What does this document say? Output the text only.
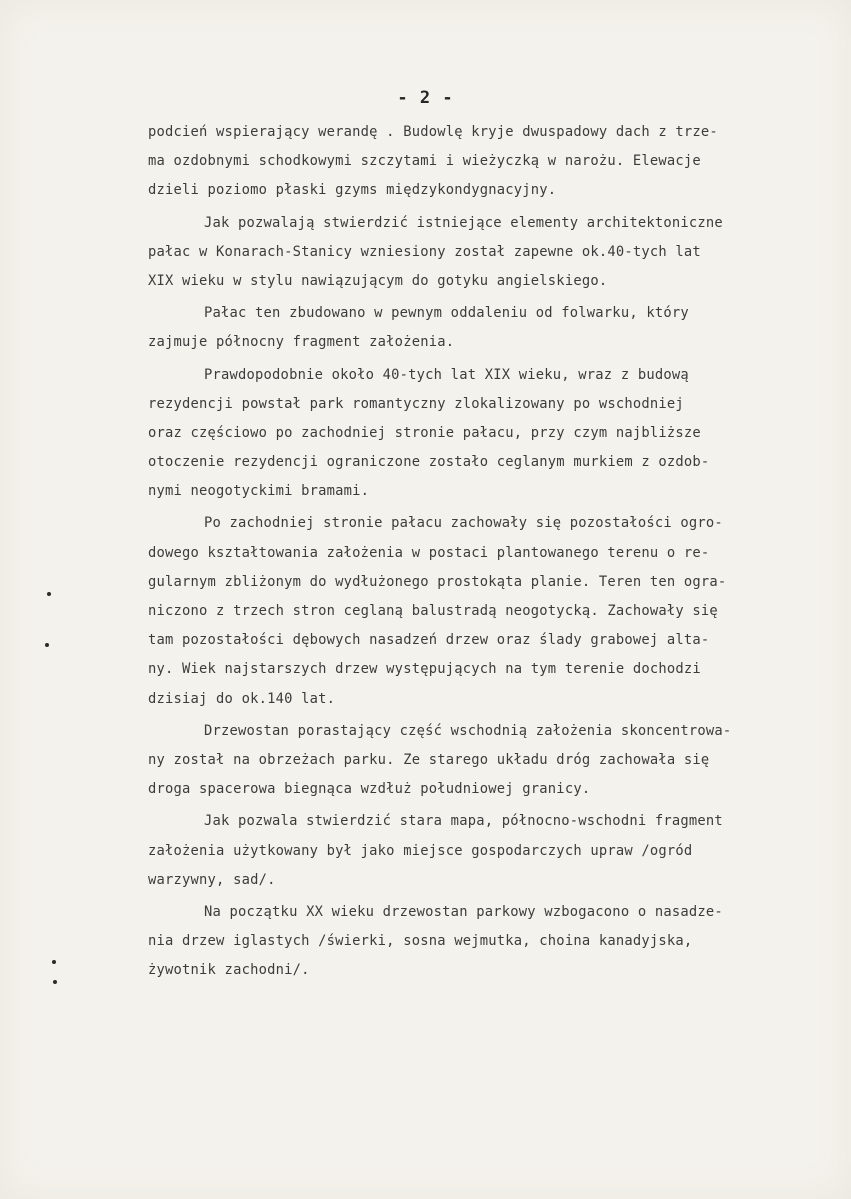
- 2 -
podcień wspierający werandę . Budowlę kryje dwuspadowy dach z trze-
ma ozdobnymi schodkowymi szczytami i wieżyczką w narożu. Elewacje
dzieli poziomo płaski gzyms międzykondygnacyjny.
Jak pozwalają stwierdzić istniejące elementy architektoniczne
pałac w Konarach-Stanicy wzniesiony został zapewne ok.40-tych lat
XIX wieku w stylu nawiązującym do gotyku angielskiego.
Pałac ten zbudowano w pewnym oddaleniu od folwarku, który
zajmuje północny fragment założenia.
Prawdopodobnie około 40-tych lat XIX wieku, wraz z budową
rezydencji powstał park romantyczny zlokalizowany po wschodniej
oraz częściowo po zachodniej stronie pałacu, przy czym najbliższe
otoczenie rezydencji ograniczone zostało ceglanym murkiem z ozdob-
nymi neogotyckimi bramami.
Po zachodniej stronie pałacu zachowały się pozostałości ogro-
dowego kształtowania założenia w postaci plantowanego terenu o re-
gularnym zbliżonym do wydłużonego prostokąta planie. Teren ten ogra-
niczono z trzech stron ceglaną balustradą neogotycką. Zachowały się
tam pozostałości dębowych nasadzeń drzew oraz ślady grabowej alta-
ny. Wiek najstarszych drzew występujących na tym terenie dochodzi
dzisiaj do ok.140 lat.
Drzewostan porastający część wschodnią założenia skoncentrowa-
ny został na obrzeżach parku. Ze starego układu dróg zachowała się
droga spacerowa biegnąca wzdłuż południowej granicy.
Jak pozwala stwierdzić stara mapa, północno-wschodni fragment
założenia użytkowany był jako miejsce gospodarczych upraw /ogród
warzywny, sad/.
Na początku XX wieku drzewostan parkowy wzbogacono o nasadze-
nia drzew iglastych /świerki, sosna wejmutka, choina kanadyjska,
żywotnik zachodni/.
